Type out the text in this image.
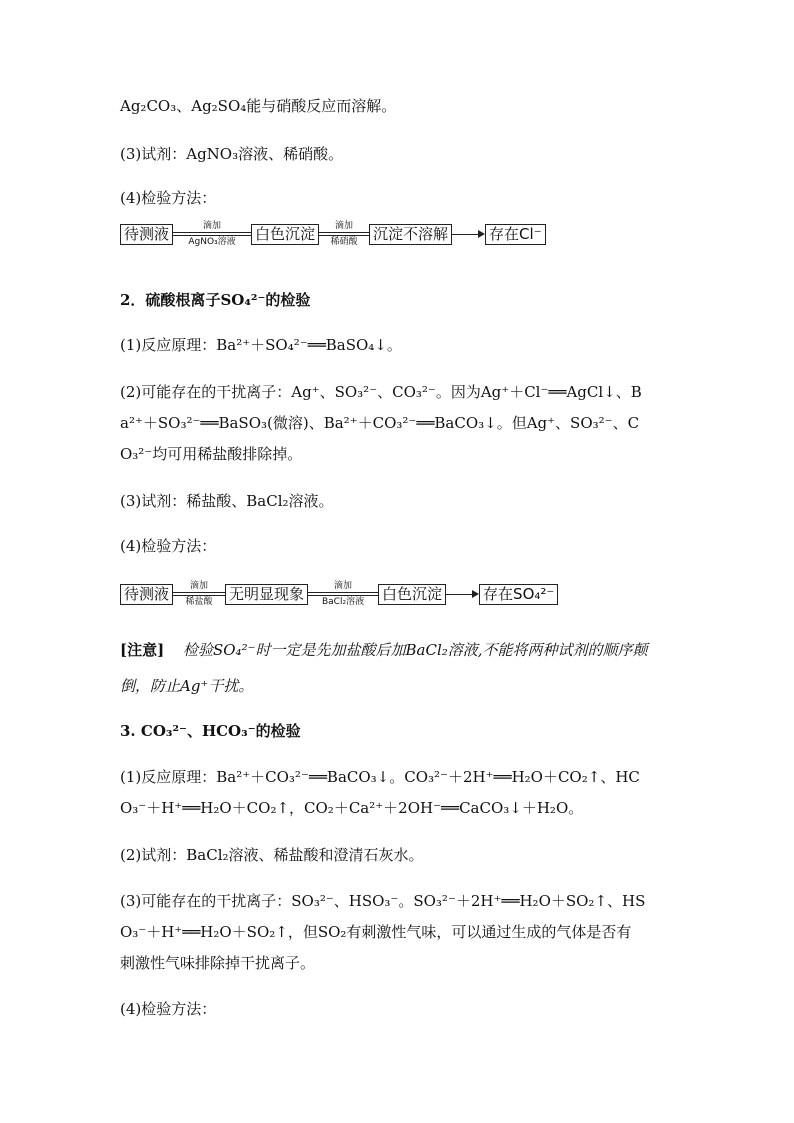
Ag₂CO₃、Ag₂SO₄能与硝酸反应而溶解。
(3)试剂：AgNO₃溶液、稀硝酸。
(4)检验方法：
待测液	滴加
AgNO₃溶液 白色沉淀	滴加
稀硝酸 沉淀不溶解	存在Cl⁻
2．硫酸根离子SO₄²⁻的检验
(1)反应原理：Ba²⁺＋SO₄²⁻══BaSO₄↓。
(2)可能存在的干扰离子：Ag⁺、SO₃²⁻、CO₃²⁻。因为Ag⁺＋Cl⁻══AgCl↓、B
a²⁺＋SO₃²⁻══BaSO₃(微溶)、Ba²⁺＋CO₃²⁻══BaCO₃↓。但Ag⁺、SO₃²⁻、C
O₃²⁻均可用稀盐酸排除掉。
(3)试剂：稀盐酸、BaCl₂溶液。
(4)检验方法：
待测液	滴加
稀盐酸 无明显现象	滴加
BaCl₂溶液 白色沉淀	存在SO₄²⁻
[注意] 检验SO₄²⁻时一定是先加盐酸后加BaCl₂溶液,不能将两种试剂的顺序颠
倒，防止Ag⁺干扰。
3. CO₃²⁻、HCO₃⁻的检验
(1)反应原理：Ba²⁺＋CO₃²⁻══BaCO₃↓。CO₃²⁻＋2H⁺══H₂O＋CO₂↑、HC
O₃⁻＋H⁺══H₂O＋CO₂↑，CO₂＋Ca²⁺＋2OH⁻══CaCO₃↓＋H₂O。
(2)试剂：BaCl₂溶液、稀盐酸和澄清石灰水。
(3)可能存在的干扰离子：SO₃²⁻、HSO₃⁻。SO₃²⁻＋2H⁺══H₂O＋SO₂↑、HS
O₃⁻＋H⁺══H₂O＋SO₂↑，但SO₂有刺激性气味，可以通过生成的气体是否有
刺激性气味排除掉干扰离子。
(4)检验方法：
